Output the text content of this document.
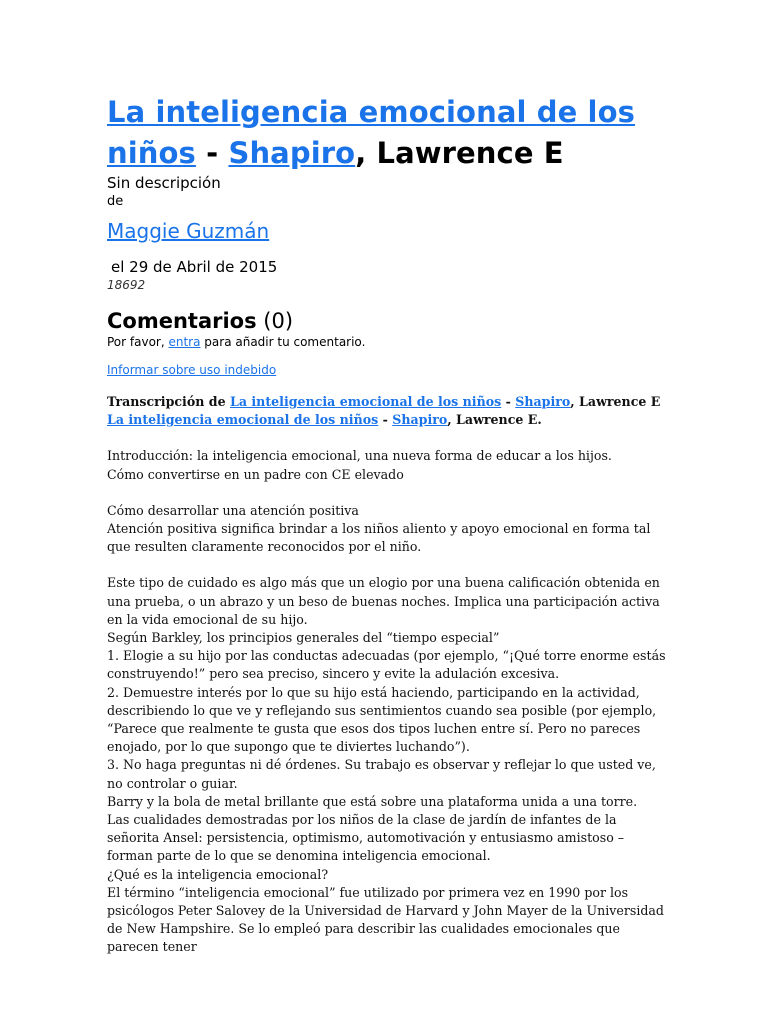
La inteligencia emocional de los niños - Shapiro, Lawrence E
Sin descripción
de
Maggie Guzmán
el 29 de Abril de 2015
18692
Comentarios (0)
Por favor, entra para añadir tu comentario.
Informar sobre uso indebido

Transcripción de La inteligencia emocional de los niños - Shapiro, Lawrence E

La inteligencia emocional de los niños - Shapiro, Lawrence E.

Introducción: la inteligencia emocional, una nueva forma de educar a los hijos.

Cómo convertirse en un padre con CE elevado

Cómo desarrollar una atención positiva

Atención positiva significa brindar a los niños aliento y apoyo emocional en forma tal que resulten claramente reconocidos por el niño.

Este tipo de cuidado es algo más que un elogio por una buena calificación obtenida en una prueba, o un abrazo y un beso de buenas noches. Implica una participación activa en la vida emocional de su hijo.

Según Barkley, los principios generales del “tiempo especial”

1. Elogie a su hijo por las conductas adecuadas (por ejemplo, “¡Qué torre enorme estás construyendo!” pero sea preciso, sincero y evite la adulación excesiva.

2. Demuestre interés por lo que su hijo está haciendo, participando en la actividad, describiendo lo que ve y reflejando sus sentimientos cuando sea posible (por ejemplo, “Parece que realmente te gusta que esos dos tipos luchen entre sí. Pero no pareces enojado, por lo que supongo que te diviertes luchando”).

3. No haga preguntas ni dé órdenes. Su trabajo es observar y reflejar lo que usted ve, no controlar o guiar.

Barry y la bola de metal brillante que está sobre una plataforma unida a una torre.

Las cualidades demostradas por los niños de la clase de jardín de infantes de la señorita Ansel: persistencia, optimismo, automotivación y entusiasmo amistoso – forman parte de lo que se denomina inteligencia emocional.

¿Qué es la inteligencia emocional?

El término “inteligencia emocional” fue utilizado por primera vez en 1990 por los psicólogos Peter Salovey de la Universidad de Harvard y John Mayer de la Universidad de New Hampshire. Se lo empleó para describir las cualidades emocionales que parecen tener
